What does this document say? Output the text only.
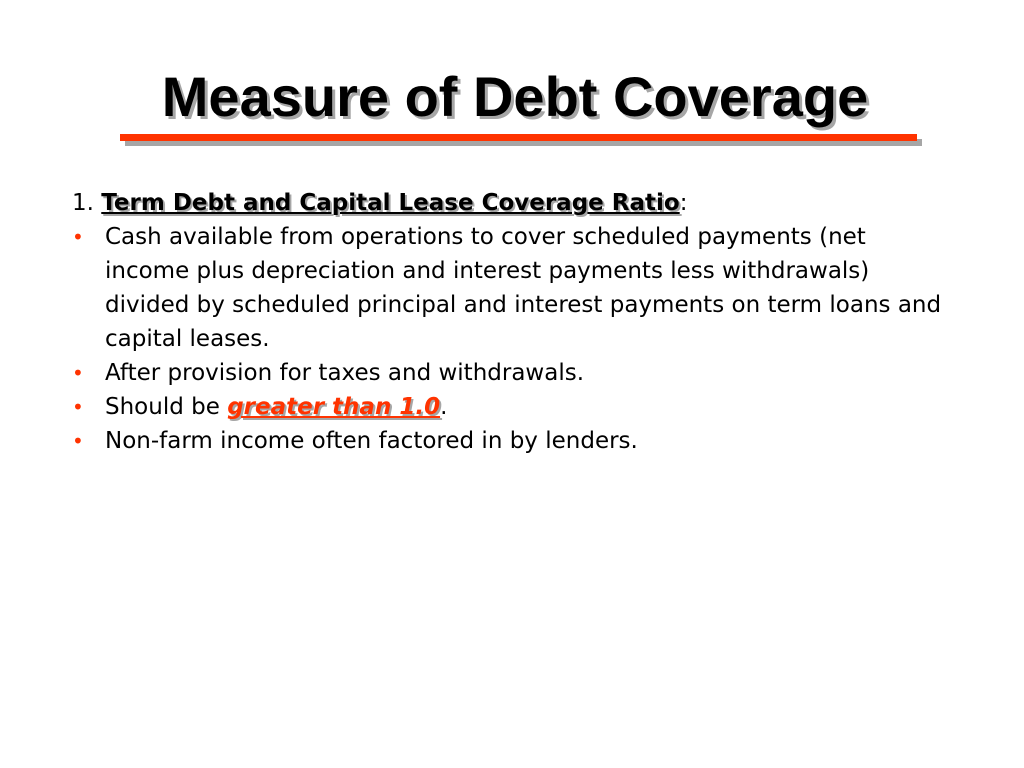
Measure of Debt Coverage
1. Term Debt and Capital Lease Coverage Ratio:
• Cash available from operations to cover scheduled payments (net income plus depreciation and interest payments less withdrawals) divided by scheduled principal and interest payments on term loans and capital leases.
• After provision for taxes and withdrawals.
• Should be greater than 1.0.
• Non-farm income often factored in by lenders.
